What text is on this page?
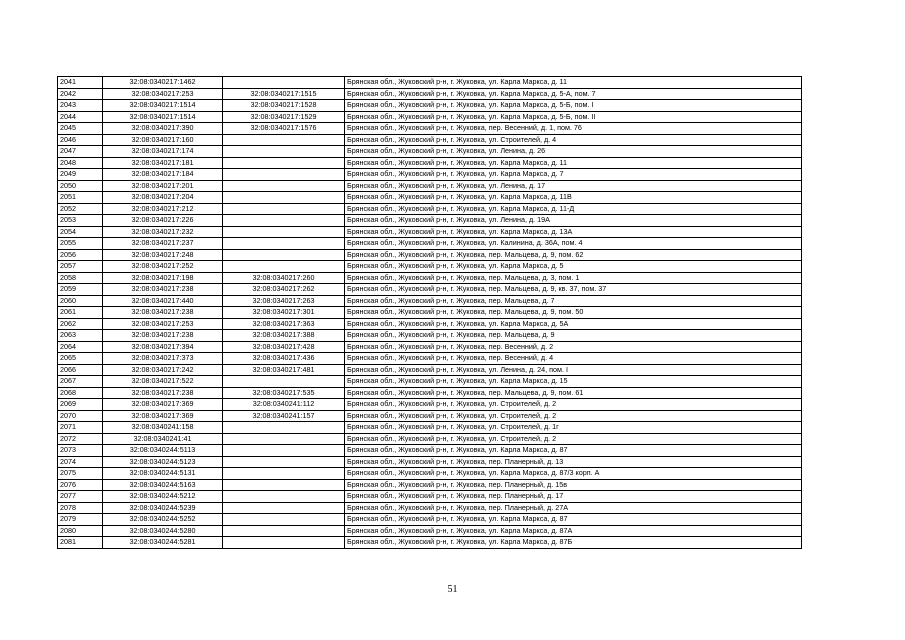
2041	32:08:0340217:1462		Брянская обл., Жуковский р-н, г. Жуковка, ул. Карла Маркса, д. 11
2042	32:08:0340217:253	32:08:0340217:1515	Брянская обл., Жуковский р-н, г. Жуковка, ул. Карла Маркса, д. 5-А, пом. 7
2043	32:08:0340217:1514	32:08:0340217:1528	Брянская обл., Жуковский р-н, г. Жуковка, ул. Карла Маркса, д. 5-Б, пом. I
2044	32:08:0340217:1514	32:08:0340217:1529	Брянская обл., Жуковский р-н, г. Жуковка, ул. Карла Маркса, д. 5-Б, пом. II
2045	32:08:0340217:390	32:08:0340217:1576	Брянская обл., Жуковский р-н, г. Жуковка, пер. Весенний, д. 1, пом. 76
2046	32:08:0340217:160		Брянская обл., Жуковский р-н, г. Жуковка, ул. Строителей, д. 4
2047	32:08:0340217:174		Брянская обл., Жуковский р-н, г. Жуковка, ул. Ленина, д. 26
2048	32:08:0340217:181		Брянская обл., Жуковский р-н, г. Жуковка, ул. Карла Маркса, д. 11
2049	32:08:0340217:184		Брянская обл., Жуковский р-н, г. Жуковка, ул. Карла Маркса, д. 7
2050	32:08:0340217:201		Брянская обл., Жуковский р-н, г. Жуковка, ул. Ленина, д. 17
2051	32:08:0340217:204		Брянская обл., Жуковский р-н, г. Жуковка, ул. Карла Маркса, д. 11В
2052	32:08:0340217:212		Брянская обл., Жуковский р-н, г. Жуковка, ул. Карла Маркса, д. 11-Д
2053	32:08:0340217:226		Брянская обл., Жуковский р-н, г. Жуковка, ул. Ленина, д. 19А
2054	32:08:0340217:232		Брянская обл., Жуковский р-н, г. Жуковка, ул. Карла Маркса, д. 13А
2055	32:08:0340217:237		Брянская обл., Жуковский р-н, г. Жуковка, ул. Калинина, д. 36А, пом. 4
2056	32:08:0340217:248		Брянская обл., Жуковский р-н, г. Жуковка, пер. Мальцева, д. 9, пом. 62
2057	32:08:0340217:252		Брянская обл., Жуковский р-н, г. Жуковка, ул. Карла Маркса, д. 5
2058	32:08:0340217:198	32:08:0340217:260	Брянская обл., Жуковский р-н, г. Жуковка, пер. Мальцева, д. 3, пом. 1
2059	32:08:0340217:238	32:08:0340217:262	Брянская обл., Жуковский р-н, г. Жуковка, пер. Мальцева, д. 9, кв. 37, пом. 37
2060	32:08:0340217:440	32:08:0340217:263	Брянская обл., Жуковский р-н, г. Жуковка, пер. Мальцева, д. 7
2061	32:08:0340217:238	32:08:0340217:301	Брянская обл., Жуковский р-н, г. Жуковка, пер. Мальцева, д. 9, пом. 50
2062	32:08:0340217:253	32:08:0340217:363	Брянская обл., Жуковский р-н, г. Жуковка, ул. Карла Маркса, д. 5А
2063	32:08:0340217:238	32:08:0340217:388	Брянская обл., Жуковский р-н, г. Жуковка, пер. Мальцева, д. 9
2064	32:08:0340217:394	32:08:0340217:428	Брянская обл., Жуковский р-н, г. Жуковка, пер. Весенний, д. 2
2065	32:08:0340217:373	32:08:0340217:436	Брянская обл., Жуковский р-н, г. Жуковка, пер. Весенний, д. 4
2066	32:08:0340217:242	32:08:0340217:481	Брянская обл., Жуковский р-н, г. Жуковка, ул. Ленина, д. 24, пом. I
2067	32:08:0340217:522		Брянская обл., Жуковский р-н, г. Жуковка, ул. Карла Маркса, д. 15
2068	32:08:0340217:238	32:08:0340217:535	Брянская обл., Жуковский р-н, г. Жуковка, пер. Мальцева, д. 9, пом. 61
2069	32:08:0340217:369	32:08:0340241:112	Брянская обл., Жуковский р-н, г. Жуковка, ул. Строителей, д. 2
2070	32:08:0340217:369	32:08:0340241:157	Брянская обл., Жуковский р-н, г. Жуковка, ул. Строителей, д. 2
2071	32:08:0340241:158		Брянская обл., Жуковский р-н, г. Жуковка, ул. Строителей, д. 1г
2072	32:08:0340241:41		Брянская обл., Жуковский р-н, г. Жуковка, ул. Строителей, д. 2
2073	32:08:0340244:5113		Брянская обл., Жуковский р-н, г. Жуковка, ул. Карла Маркса, д. 87
2074	32:08:0340244:5123		Брянская обл., Жуковский р-н, г. Жуковка, пер. Планерный, д. 13
2075	32:08:0340244:5131		Брянская обл., Жуковский р-н, г. Жуковка, ул. Карла Маркса, д. 87/3 корп. А
2076	32:08:0340244:5163		Брянская обл., Жуковский р-н, г. Жуковка, пер. Планерный, д. 15в
2077	32:08:0340244:5212		Брянская обл., Жуковский р-н, г. Жуковка, пер. Планерный, д. 17
2078	32:08:0340244:5239		Брянская обл., Жуковский р-н, г. Жуковка, пер. Планерный, д. 27А
2079	32:08:0340244:5252		Брянская обл., Жуковский р-н, г. Жуковка, ул. Карла Маркса, д. 87
2080	32:08:0340244:5280		Брянская обл., Жуковский р-н, г. Жуковка, ул. Карла Маркса, д. 87А
2081	32:08:0340244:5281		Брянская обл., Жуковский р-н, г. Жуковка, ул. Карла Маркса, д. 87Б
51
